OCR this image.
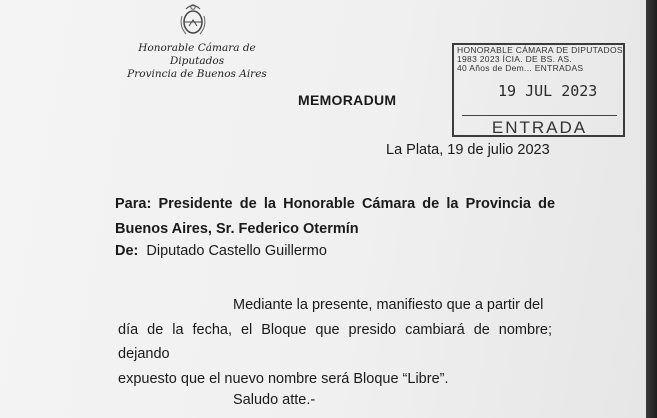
Honorable Cámara de Diputados
Provincia de Buenos Aires
MEMORADUM
HONORABLE CÁMARA DE DIPUTADOS
1983 2023 ÍCIA. DE BS. AS.
40 Años de Dem... ENTRADAS
19 JUL 2023
ENTRADA
La Plata, 19 de julio 2023
Para: Presidente de la Honorable Cámara de la Provincia de
Buenos Aires, Sr. Federico Otermín
De: Diputado Castello Guillermo
Mediante la presente, manifiesto que a partir del
día de la fecha, el Bloque que presido cambiará de nombre; dejando
expuesto que el nuevo nombre será Bloque “Libre”.
Saludo atte.-
